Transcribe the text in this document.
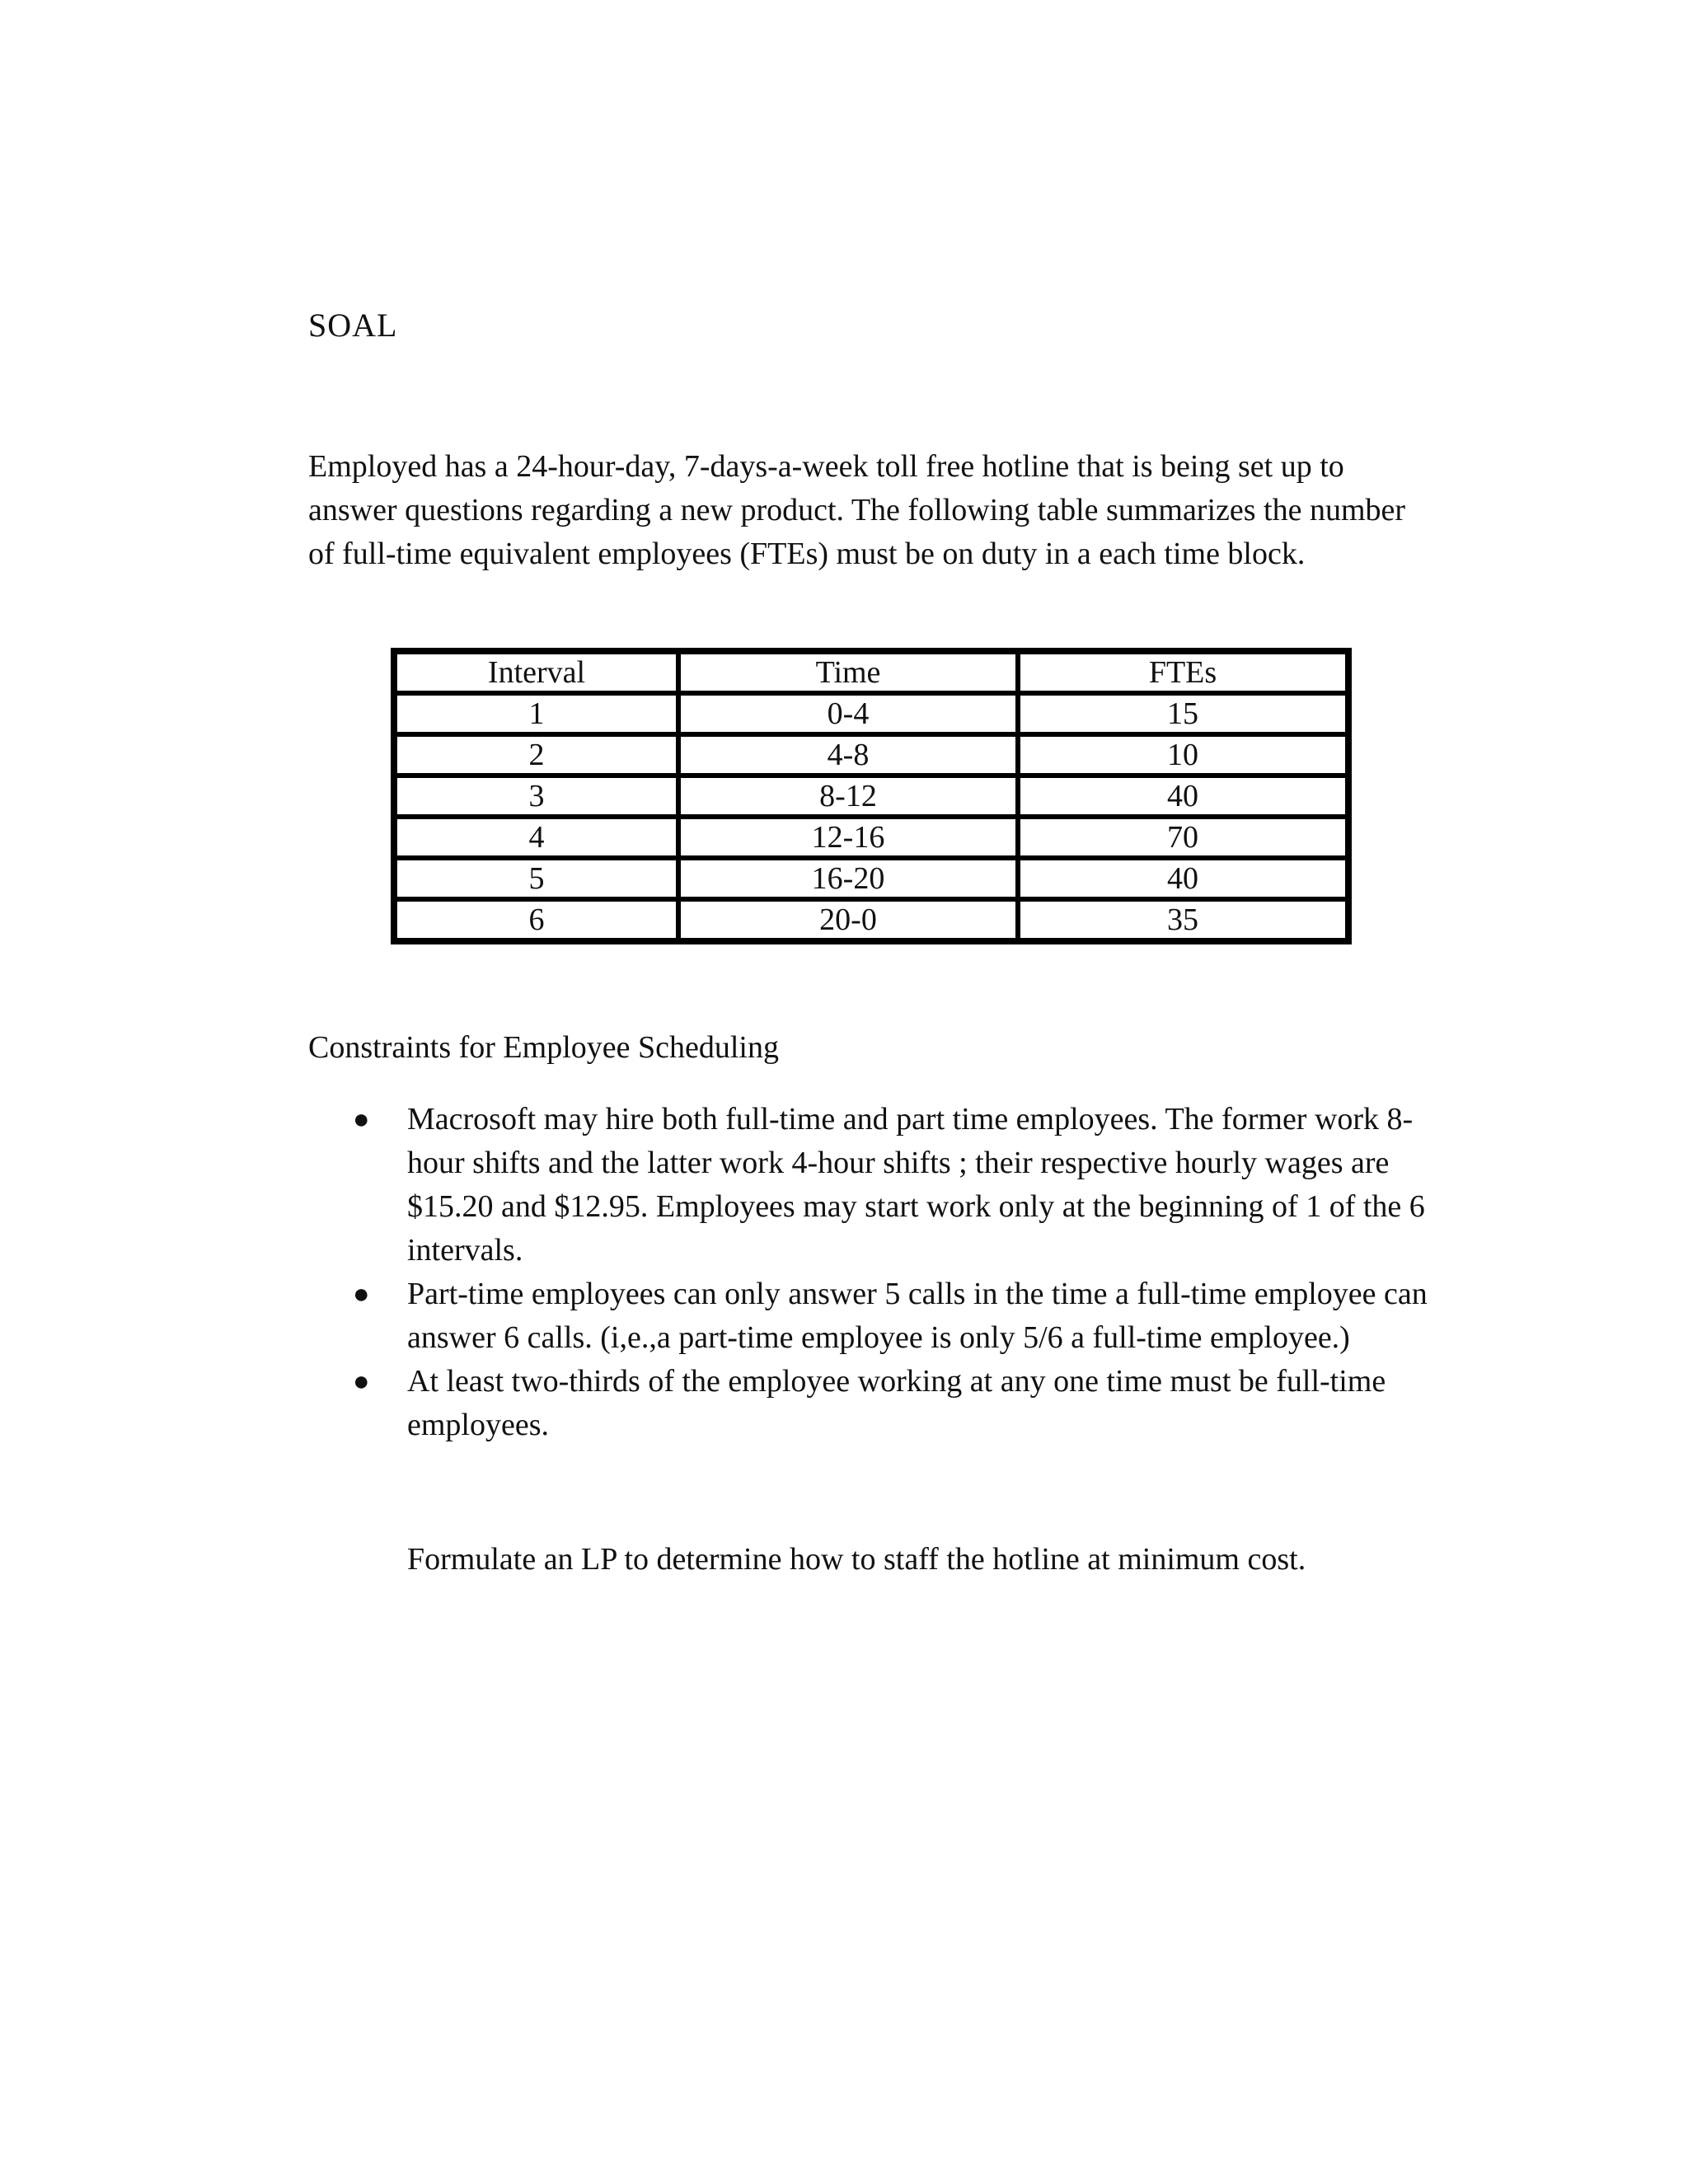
SOAL

Employed has a 24-hour-day, 7-days-a-week toll free hotline that is being set up to answer questions regarding a new product. The following table summarizes the number of full-time equivalent employees (FTEs) must be on duty in a each time block.

Interval	Time	FTEs
1	0-4	15
2	4-8	10
3	8-12	40
4	12-16	70
5	16-20	40
6	20-0	35
Constraints for Employee Scheduling
● Macrosoft may hire both full-time and part time employees. The former work 8-hour shifts and the latter work 4-hour shifts ; their respective hourly wages are $15.20 and $12.95. Employees may start work only at the beginning of 1 of the 6 intervals.
● Part-time employees can only answer 5 calls in the time a full-time employee can answer 6 calls. (i,e.,a part-time employee is only 5/6 a full-time employee.)
● At least two-thirds of the employee working at any one time must be full-time employees.
Formulate an LP to determine how to staff the hotline at minimum cost.
